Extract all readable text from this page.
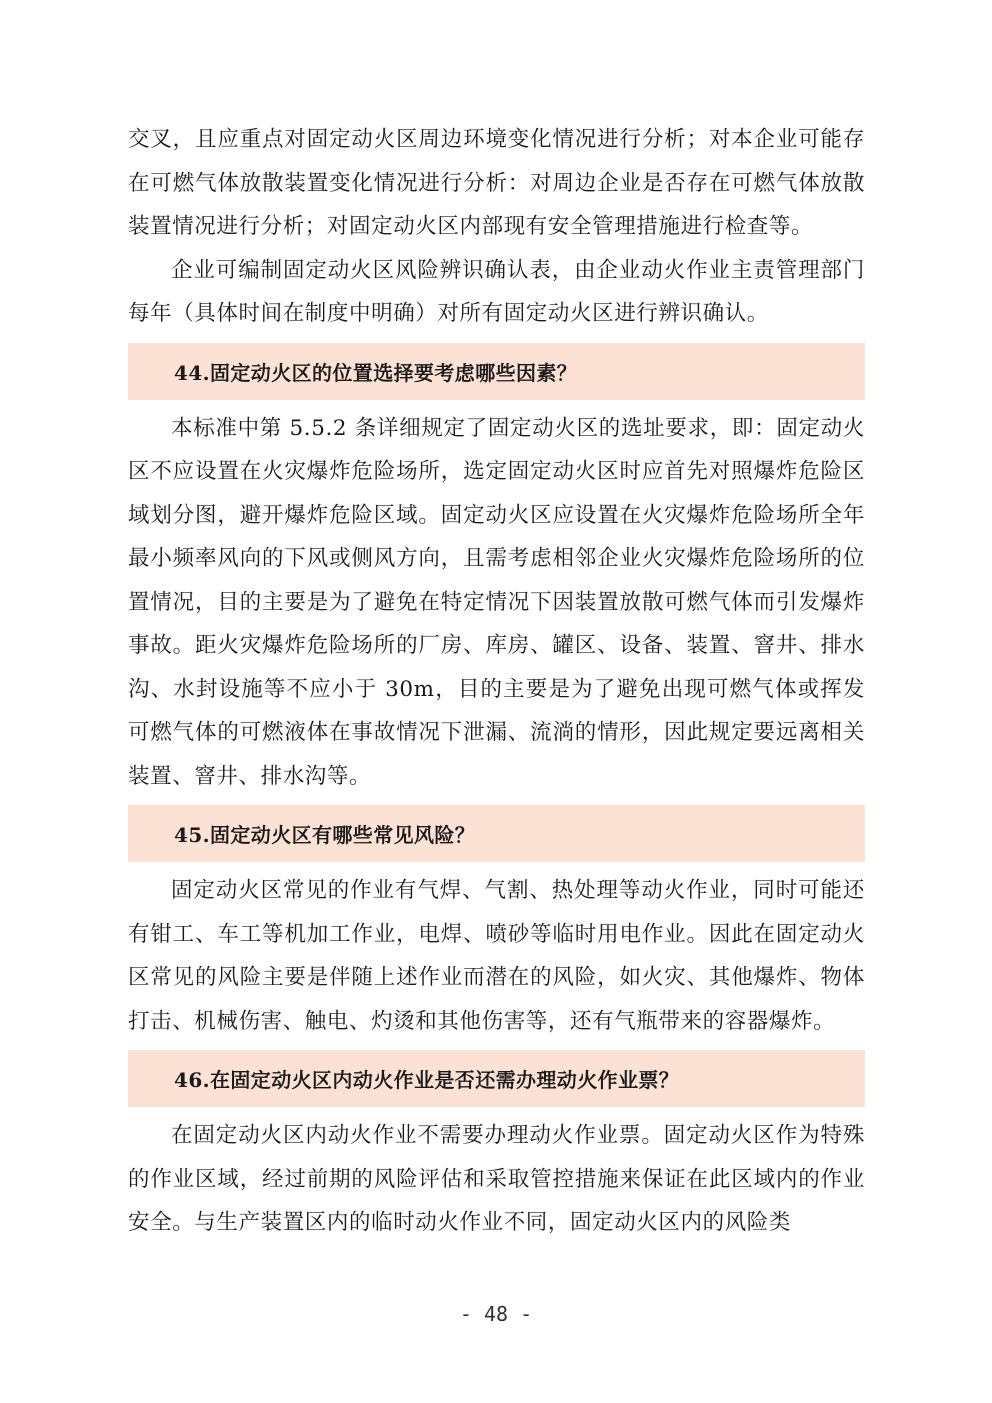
交叉，且应重点对固定动火区周边环境变化情况进行分析；对本企业可能存在可燃气体放散装置变化情况进行分析：对周边企业是否存在可燃气体放散装置情况进行分析；对固定动火区内部现有安全管理措施进行检查等。

企业可编制固定动火区风险辨识确认表，由企业动火作业主责管理部门每年（具体时间在制度中明确）对所有固定动火区进行辨识确认。

44.固定动火区的位置选择要考虑哪些因素？

本标准中第 5.5.2 条详细规定了固定动火区的选址要求，即：固定动火区不应设置在火灾爆炸危险场所，选定固定动火区时应首先对照爆炸危险区域划分图，避开爆炸危险区域。固定动火区应设置在火灾爆炸危险场所全年最小频率风向的下风或侧风方向，且需考虑相邻企业火灾爆炸危险场所的位置情况，目的主要是为了避免在特定情况下因装置放散可燃气体而引发爆炸事故。距火灾爆炸危险场所的厂房、库房、罐区、设备、装置、窨井、排水沟、水封设施等不应小于 30m，目的主要是为了避免出现可燃气体或挥发可燃气体的可燃液体在事故情况下泄漏、流淌的情形，因此规定要远离相关装置、窨井、排水沟等。

45.固定动火区有哪些常见风险？

固定动火区常见的作业有气焊、气割、热处理等动火作业，同时可能还有钳工、车工等机加工作业，电焊、喷砂等临时用电作业。因此在固定动火区常见的风险主要是伴随上述作业而潜在的风险，如火灾、其他爆炸、物体打击、机械伤害、触电、灼烫和其他伤害等，还有气瓶带来的容器爆炸。

46.在固定动火区内动火作业是否还需办理动火作业票？

在固定动火区内动火作业不需要办理动火作业票。固定动火区作为特殊的作业区域，经过前期的风险评估和采取管控措施来保证在此区域内的作业安全。与生产装置区内的临时动火作业不同，固定动火区内的风险类

- 48 -
